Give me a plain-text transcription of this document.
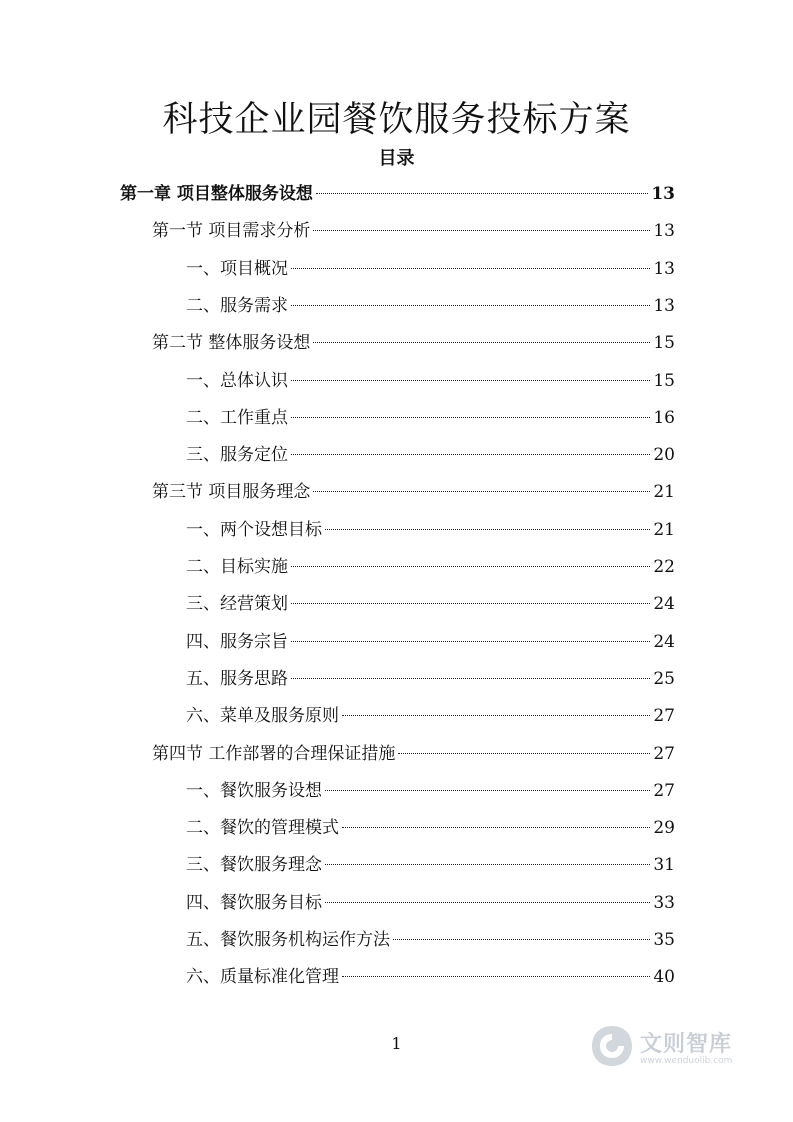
科技企业园餐饮服务投标方案
目录
第一章 项目整体服务设想	13
第一节 项目需求分析	13
一、项目概况	13
二、服务需求	13
第二节 整体服务设想	15
一、总体认识	15
二、工作重点	16
三、服务定位	20
第三节 项目服务理念	21
一、两个设想目标	21
二、目标实施	22
三、经营策划	24
四、服务宗旨	24
五、服务思路	25
六、菜单及服务原则	27
第四节 工作部署的合理保证措施	27
一、餐饮服务设想	27
二、餐饮的管理模式	29
三、餐饮服务理念	31
四、餐饮服务目标	33
五、餐饮服务机构运作方法	35
六、质量标准化管理	40
1	文则智库
www.wenduolib.com
